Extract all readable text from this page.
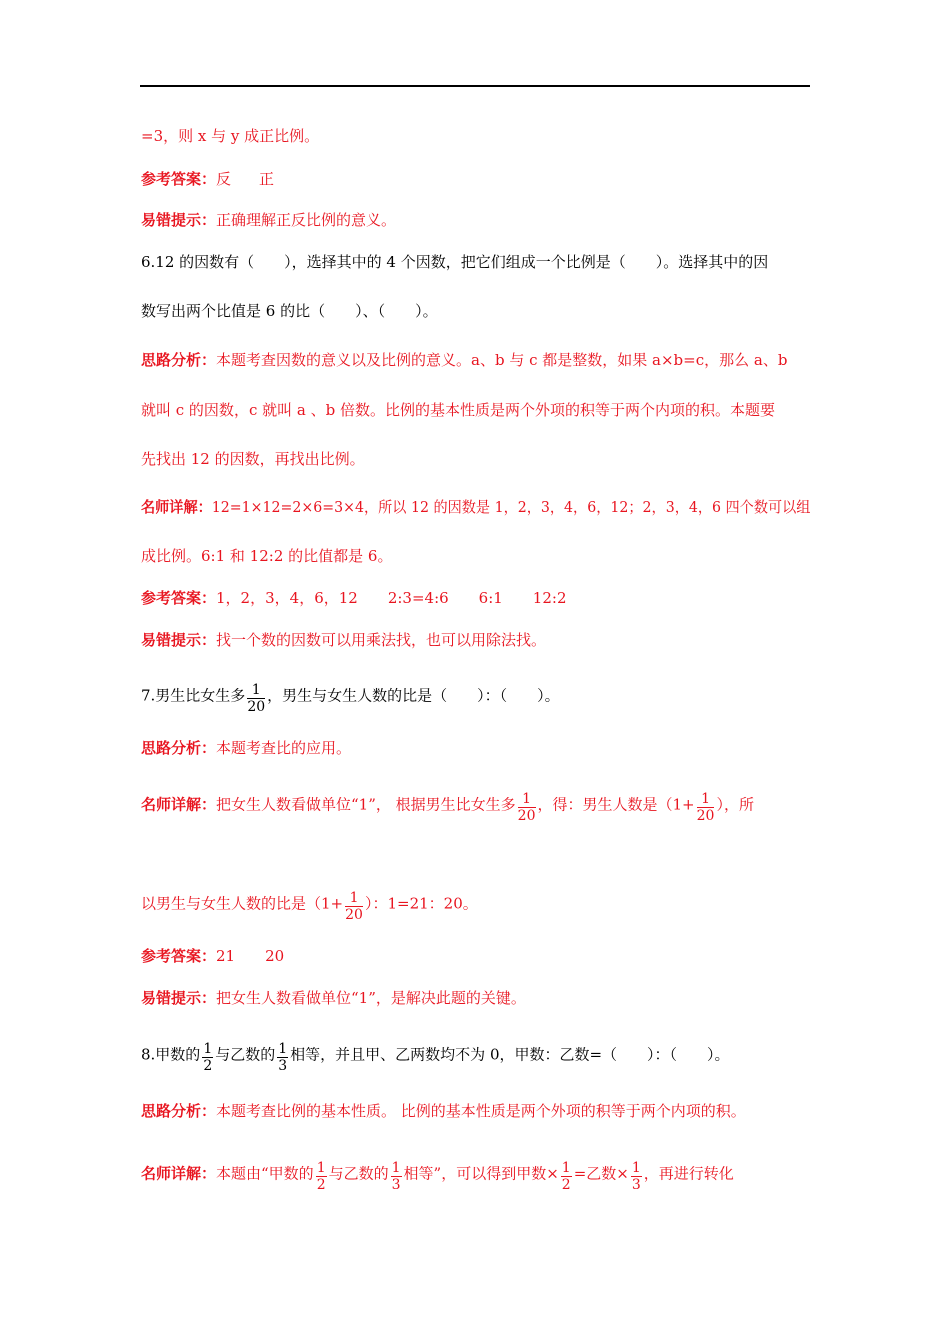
=3，则 x 与 y 成正比例。
参考答案：反 正
易错提示：正确理解正反比例的意义。
6.12 的因数有（　　），选择其中的 4 个因数，把它们组成一个比例是（　　）。选择其中的因
数写出两个比值是 6 的比（　　）、（　　）。
思路分析：本题考查因数的意义以及比例的意义。a、b 与 c 都是整数，如果 a×b=c，那么 a、b
就叫 c 的因数，c 就叫 a 、b 倍数。比例的基本性质是两个外项的积等于两个内项的积。本题要
先找出 12 的因数，再找出比例。
名师详解：12=1×12=2×6=3×4，所以 12 的因数是 1，2，3，4，6，12；2，3，4，6 四个数可以组
成比例。6:1 和 12:2 的比值都是 6。
参考答案：1，2，3，4，6，12　　2:3=4:6　　6:1　　12:2
易错提示：找一个数的因数可以用乘法找，也可以用除法找。
7.男生比女生多 $\frac{1}{20}$ ，男生与女生人数的比是（　　）：（　　）。
思路分析：本题考查比的应用。
名师详解：把女生人数看做单位“1”， 根据男生比女生多 $\frac{1}{20}$ ，得：男生人数是（$1+ \frac{1}{20}$ ），所
以男生与女生人数的比是（$1+ \frac{1}{20}$ ）：1=21：20。
参考答案：21　　20
易错提示：把女生人数看做单位“1”，是解决此题的关键。
8.甲数的 $\frac{1}{2}$ 与乙数的 $\frac{1}{3}$ 相等，并且甲、乙两数均不为 0，甲数：乙数=（　　）：（　　）。
思路分析：本题考查比例的基本性质。 比例的基本性质是两个外项的积等于两个内项的积。
名师详解：本题由“甲数的 $\frac{1}{2}$ 与乙数的 $\frac{1}{3}$ 相等”，可以得到甲数× $\frac{1}{2}$ =乙数× $\frac{1}{3}$ ，再进行转化
